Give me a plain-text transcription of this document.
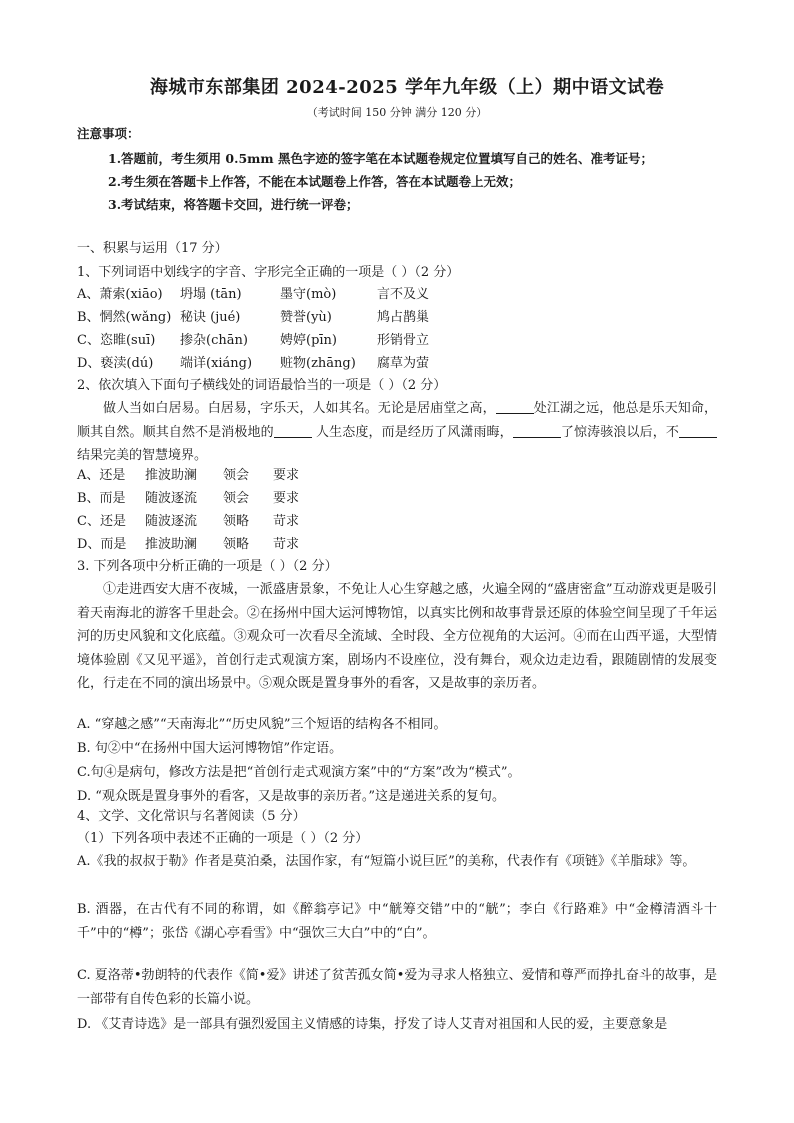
海城市东部集团 2024-2025 学年九年级（上）期中语文试卷
（考试时间 150 分钟 满分 120 分）
注意事项：
1.答题前，考生须用 0.5mm 黑色字迹的签字笔在本试题卷规定位置填写自己的姓名、准考证号；
2.考生须在答题卡上作答，不能在本试题卷上作答，答在本试题卷上无效；
3.考试结束，将答题卡交回，进行统一评卷；
一、积累与运用（17 分）
1、下列词语中划线字的字音、字形完全正确的一项是（ ）（2 分）
A、萧索(xiāo) 坍塌 (tān)	墨守(mò)	言不及义
B、惘然(wǎng) 秘诀 (jué)	赞誉(yù)	鸠占鹊巢
C、恣睢(suī) 掺杂(chān) 娉婷(pīn)	形销骨立
D、亵渎(dú) 端详(xiáng) 赃物(zhāng) 腐草为萤
2、依次填入下面句子横线处的词语最恰当的一项是（ ）（2 分）
做人当如白居易。白居易，字乐天，人如其名。无论是居庙堂之高，	处江湖之远，他总是乐天知命，顺其自然。顺其自然不是消极地的	人生态度，而是经历了风潇雨晦，	了惊涛骇浪以后，不 结果完美的智慧境界。
A、还是 推波助澜 领会 要求
B、而是 随波逐流 领会 要求
C、还是 随波逐流 领略 苛求
D、而是 推波助澜 领略 苛求
3. 下列各项中分析正确的一项是（ ）（2 分）
①走进西安大唐不夜城，一派盛唐景象，不免让人心生穿越之感，火遍全网的“盛唐密盒”互动游戏更是吸引着天南海北的游客千里赴会。②在扬州中国大运河博物馆，以真实比例和故事背景还原的体验空间呈现了千年运河的历史风貌和文化底蕴。③观众可一次看尽全流域、全时段、全方位视角的大运河。④而在山西平遥，大型情境体验剧《又见平遥》，首创行走式观演方案，剧场内不设座位，没有舞台，观众边走边看，跟随剧情的发展变化，行走在不同的演出场景中。⑤观众既是置身事外的看客，又是故事的亲历者。
A. “穿越之感”“天南海北”“历史风貌”三个短语的结构各不相同。
B. 句②中“在扬州中国大运河博物馆”作定语。
C.句④是病句，修改方法是把“首创行走式观演方案”中的“方案”改为“模式”。
D. “观众既是置身事外的看客，又是故事的亲历者。”这是递进关系的复句。
4、文学、文化常识与名著阅读（5 分）
（1）下列各项中表述不正确的一项是（ ）（2 分）
A.《我的叔叔于勒》作者是莫泊桑，法国作家，有“短篇小说巨匠”的美称，代表作有《项链》《羊脂球》等。
B. 酒器，在古代有不同的称谓，如《醉翁亭记》中“觥筹交错”中的“觥”；李白《行路难》中“金樽清酒斗十千”中的“樽”；张岱《湖心亭看雪》中“强饮三大白”中的“白”。
C. 夏洛蒂•勃朗特的代表作《简•爱》讲述了贫苦孤女简•爱为寻求人格独立、爱情和尊严而挣扎奋斗的故事，是一部带有自传色彩的长篇小说。
D. 《艾青诗选》是一部具有强烈爱国主义情感的诗集，抒发了诗人艾青对祖国和人民的爱，主要意象是
